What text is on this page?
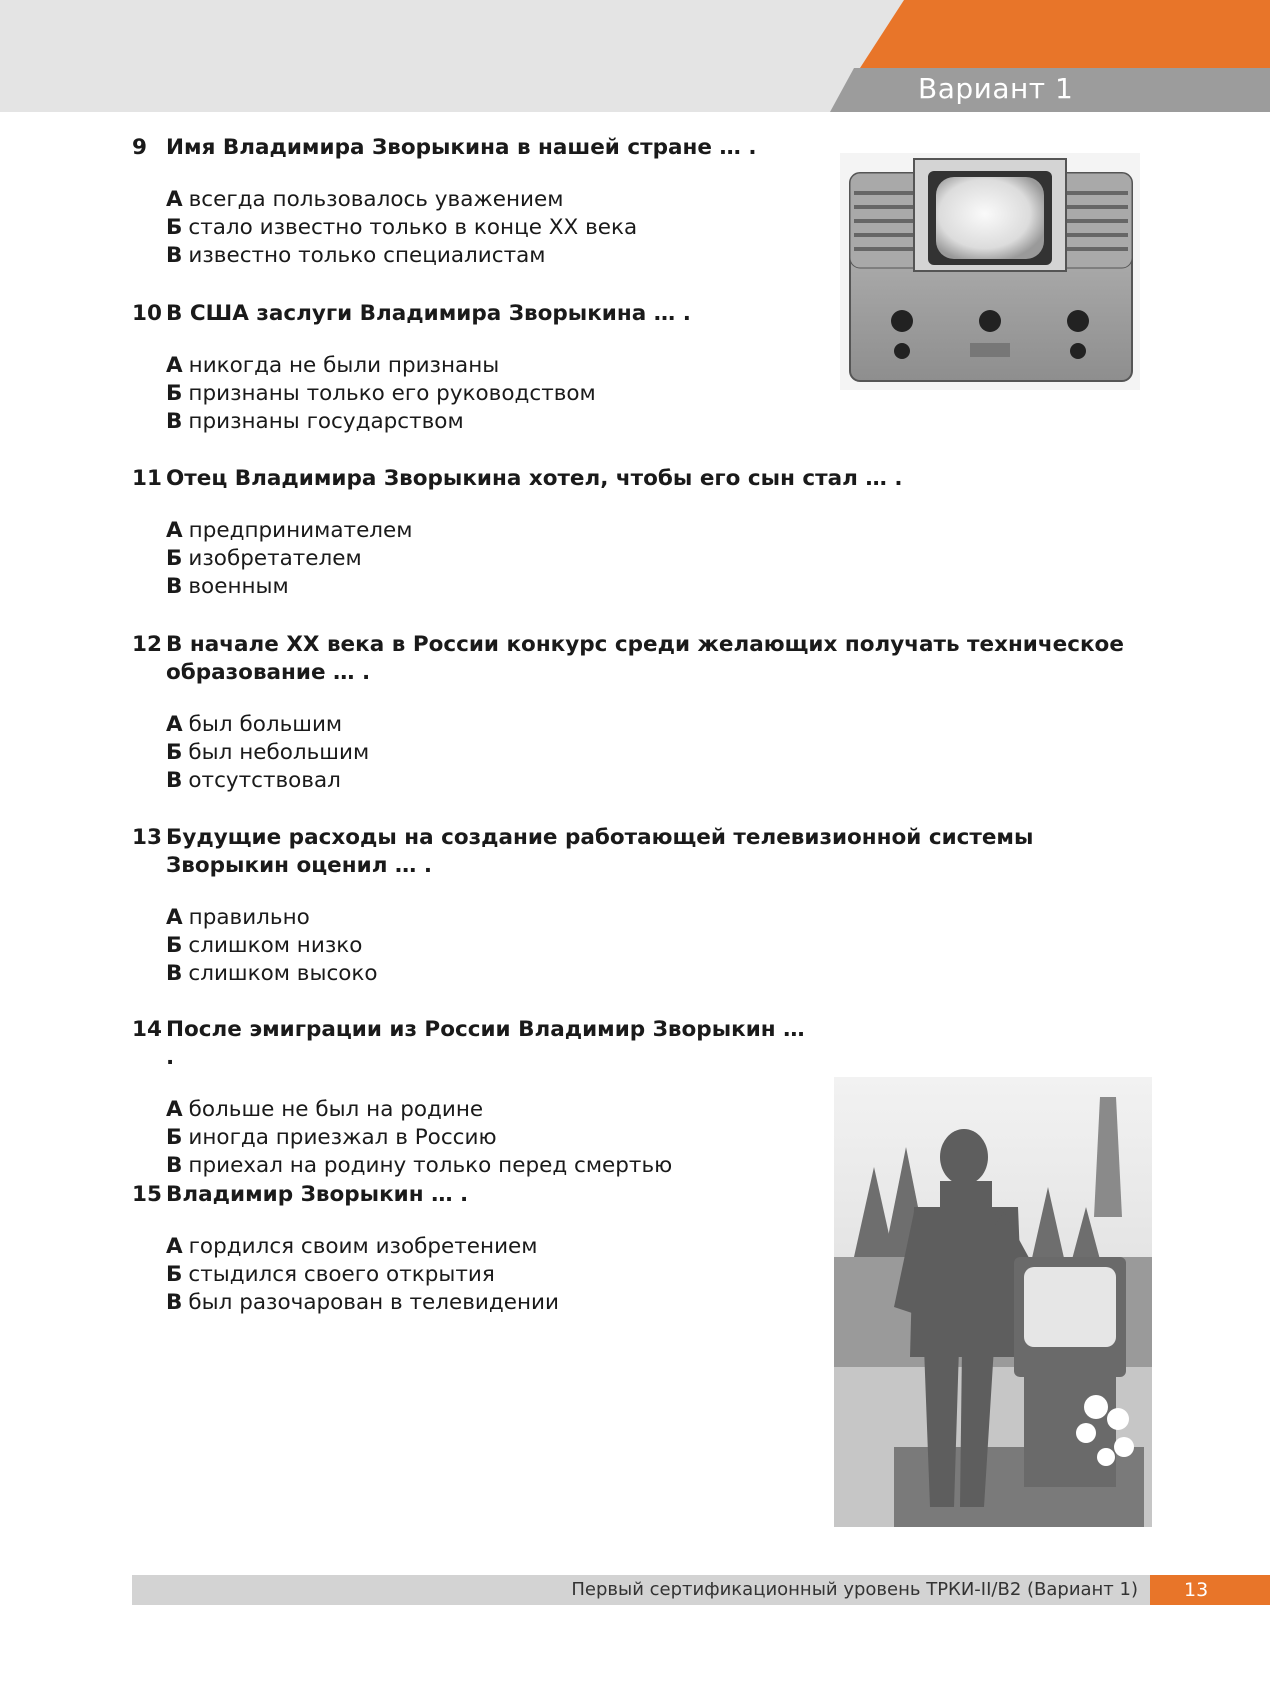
Вариант 1
9 Имя Владимира Зворыкина в нашей стране … .
А всегда пользовалось уважением
Б стало известно только в конце XX века
В известно только специалистам
10 В США заслуги Владимира Зворыкина … .
А никогда не были признаны
Б признаны только его руководством
В признаны государством
11 Отец Владимира Зворыкина хотел, чтобы его сын стал … .
А предпринимателем
Б изобретателем
В военным
12 В начале XX века в России конкурс среди желающих получать техническое образование … .
А был большим
Б был небольшим
В отсутствовал
13 Будущие расходы на создание работающей телевизионной системы Зворыкин оценил … .
А правильно
Б слишком низко
В слишком высоко
14 После эмиграции из России Владимир Зворыкин … .
А больше не был на родине
Б иногда приезжал в Россию
В приехал на родину только перед смертью
15 Владимир Зворыкин … .
А гордился своим изобретением
Б стыдился своего открытия
В был разочарован в телевидении
Первый сертификационный уровень ТРКИ-II/B2 (Вариант 1)	13
